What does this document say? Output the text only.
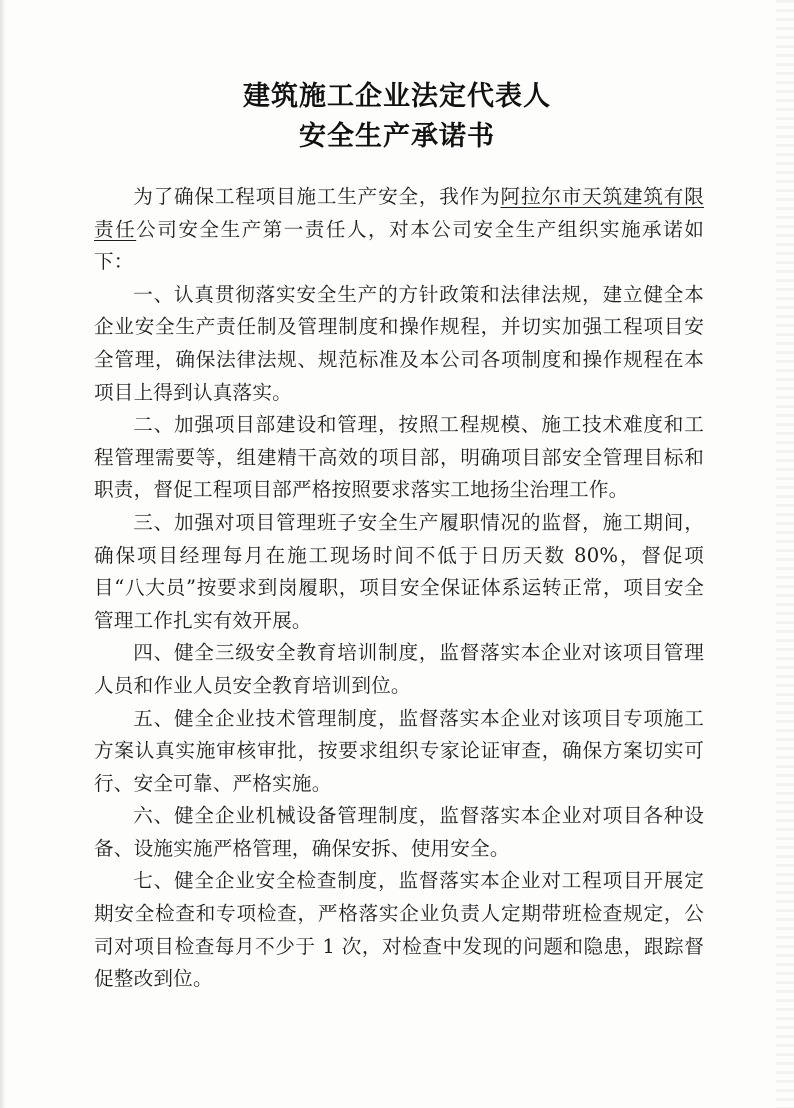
建筑施工企业法定代表人
安全生产承诺书

为了确保工程项目施工生产安全，我作为阿拉尔市天筑建筑有限责任公司安全生产第一责任人，对本公司安全生产组织实施承诺如下：

一、认真贯彻落实安全生产的方针政策和法律法规，建立健全本企业安全生产责任制及管理制度和操作规程，并切实加强工程项目安全管理，确保法律法规、规范标准及本公司各项制度和操作规程在本项目上得到认真落实。

二、加强项目部建设和管理，按照工程规模、施工技术难度和工程管理需要等，组建精干高效的项目部，明确项目部安全管理目标和职责，督促工程项目部严格按照要求落实工地扬尘治理工作。

三、加强对项目管理班子安全生产履职情况的监督，施工期间，确保项目经理每月在施工现场时间不低于日历天数 80%，督促项目“八大员”按要求到岗履职，项目安全保证体系运转正常，项目安全管理工作扎实有效开展。

四、健全三级安全教育培训制度，监督落实本企业对该项目管理人员和作业人员安全教育培训到位。

五、健全企业技术管理制度，监督落实本企业对该项目专项施工方案认真实施审核审批，按要求组织专家论证审查，确保方案切实可行、安全可靠、严格实施。

六、健全企业机械设备管理制度，监督落实本企业对项目各种设备、设施实施严格管理，确保安拆、使用安全。

七、健全企业安全检查制度，监督落实本企业对工程项目开展定期安全检查和专项检查，严格落实企业负责人定期带班检查规定，公司对项目检查每月不少于 1 次，对检查中发现的问题和隐患，跟踪督促整改到位。
